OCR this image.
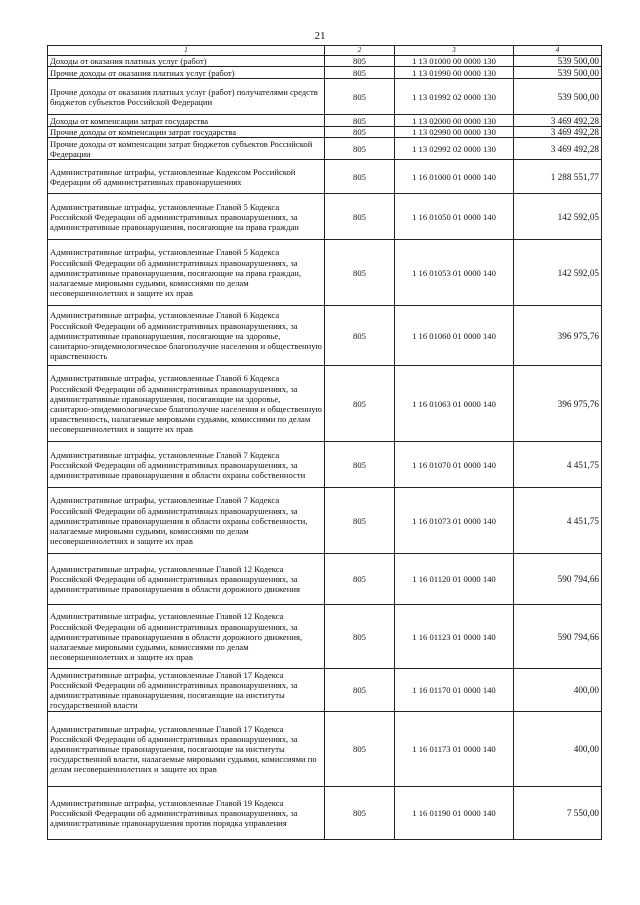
21
1	2	3	4
Доходы от оказания платных услуг (работ)	805	1 13 01000 00 0000 130	539 500,00
Прочие доходы от оказания платных услуг (работ)	805	1 13 01990 00 0000 130	539 500,00
Прочие доходы от оказания платных услуг (работ) получателями средств бюджетов субъектов Российской Федерации	805	1 13 01992 02 0000 130	539 500,00
Доходы от компенсации затрат государства	805	1 13 02000 00 0000 130	3 469 492,28
Прочие доходы от компенсации затрат государства	805	1 13 02990 00 0000 130	3 469 492,28
Прочие доходы от компенсации затрат бюджетов субъектов Российской Федерации	805	1 13 02992 02 0000 130	3 469 492,28
Административные штрафы, установленные Кодексом Российской Федерации об административных правонарушениях	805	1 16 01000 01 0000 140	1 288 551,77
Административные штрафы, установленные Главой 5 Кодекса Российской Федерации об административных правонарушениях, за административные правонарушения, посягающие на права граждан	805	1 16 01050 01 0000 140	142 592,05
Административные штрафы, установленные Главой 5 Кодекса Российской Федерации об административных правонарушениях, за административные правонарушения, посягающие на права граждан, налагаемые мировыми судьями, комиссиями по делам несовершеннолетних и защите их прав	805	1 16 01053 01 0000 140	142 592,05
Административные штрафы, установленные Главой 6 Кодекса Российской Федерации об административных правонарушениях, за административные правонарушения, посягающие на здоровье, санитарно-эпидемиологическое благополучие населения и общественную нравственность	805	1 16 01060 01 0000 140	396 975,76
Административные штрафы, установленные Главой 6 Кодекса Российской Федерации об административных правонарушениях, за административные правонарушения, посягающие на здоровье, санитарно-эпидемиологическое благополучие населения и общественную нравственность, налагаемые мировыми судьями, комиссиями по делам несовершеннолетних и защите их прав	805	1 16 01063 01 0000 140	396 975,76
Административные штрафы, установленные Главой 7 Кодекса Российской Федерации об административных правонарушениях, за административные правонарушения в области охраны собственности	805	1 16 01070 01 0000 140	4 451,75
Административные штрафы, установленные Главой 7 Кодекса Российской Федерации об административных правонарушениях, за административные правонарушения в области охраны собственности, налагаемые мировыми судьями, комиссиями по делам несовершеннолетних и защите их прав	805	1 16 01073 01 0000 140	4 451,75
Административные штрафы, установленные Главой 12 Кодекса Российской Федерации об административных правонарушениях, за административные правонарушения в области дорожного движения	805	1 16 01120 01 0000 140	590 794,66
Административные штрафы, установленные Главой 12 Кодекса Российской Федерации об административных правонарушениях, за административные правонарушения в области дорожного движения, налагаемые мировыми судьями, комиссиями по делам несовершеннолетних и защите их прав	805	1 16 01123 01 0000 140	590 794,66
Административные штрафы, установленные Главой 17 Кодекса Российской Федерации об административных правонарушениях, за административные правонарушения, посягающие на институты государственной власти	805	1 16 01170 01 0000 140	400,00
Административные штрафы, установленные Главой 17 Кодекса Российской Федерации об административных правонарушениях, за административные правонарушения, посягающие на институты государственной власти, налагаемые мировыми судьями, комиссиями по делам несовершеннолетних и защите их прав	805	1 16 01173 01 0000 140	400,00
Административные штрафы, установленные Главой 19 Кодекса Российской Федерации об административных правонарушениях, за административные правонарушения против порядка управления	805	1 16 01190 01 0000 140	7 550,00
